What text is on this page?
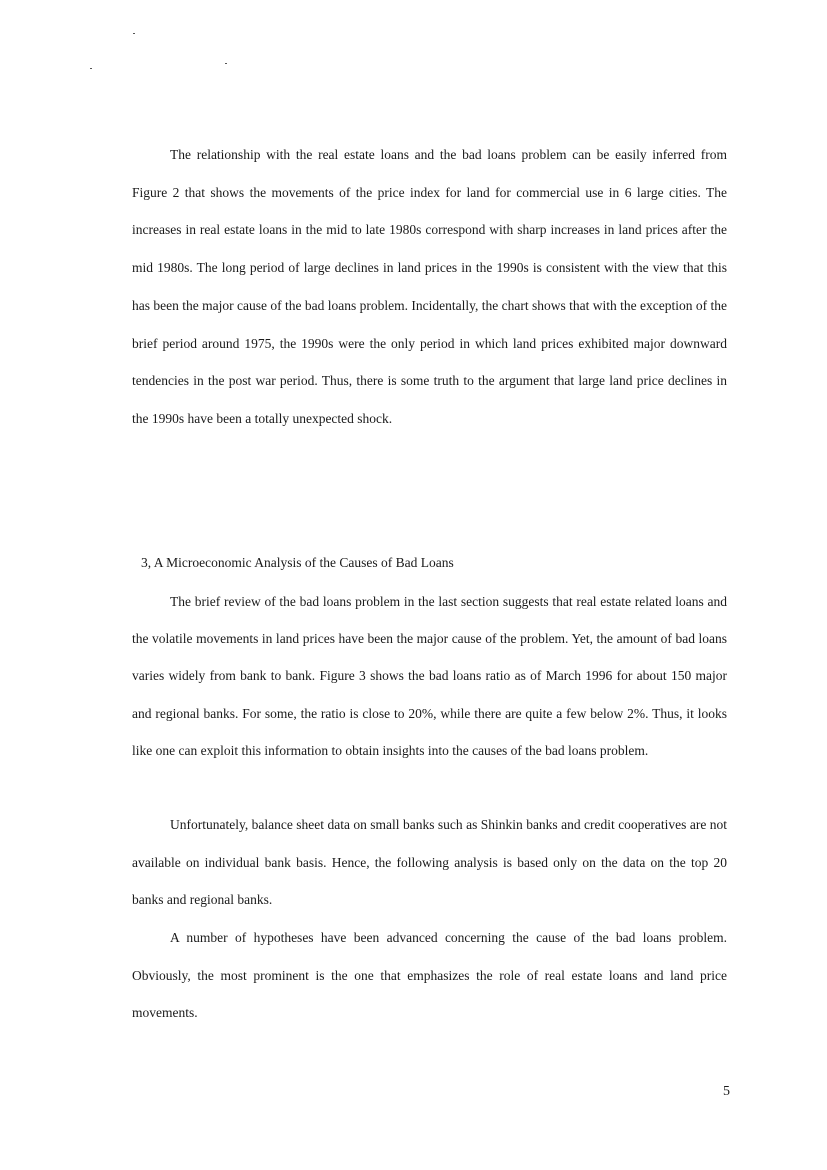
The relationship with the real estate loans and the bad loans problem can be easily inferred from Figure 2 that shows the movements of the price index for land for commercial use in 6 large cities. The increases in real estate loans in the mid to late 1980s correspond with sharp increases in land prices after the mid 1980s. The long period of large declines in land prices in the 1990s is consistent with the view that this has been the major cause of the bad loans problem. Incidentally, the chart shows that with the exception of the brief period around 1975, the 1990s were the only period in which land prices exhibited major downward tendencies in the post war period. Thus, there is some truth to the argument that large land price declines in the 1990s have been a totally unexpected shock.

3, A Microeconomic Analysis of the Causes of Bad Loans

The brief review of the bad loans problem in the last section suggests that real estate related loans and the volatile movements in land prices have been the major cause of the problem. Yet, the amount of bad loans varies widely from bank to bank. Figure 3 shows the bad loans ratio as of March 1996 for about 150 major and regional banks. For some, the ratio is close to 20%, while there are quite a few below 2%. Thus, it looks like one can exploit this information to obtain insights into the causes of the bad loans problem.

Unfortunately, balance sheet data on small banks such as Shinkin banks and credit cooperatives are not available on individual bank basis. Hence, the following analysis is based only on the data on the top 20 banks and regional banks.

A number of hypotheses have been advanced concerning the cause of the bad loans problem. Obviously, the most prominent is the one that emphasizes the role of real estate loans and land price movements.

5
